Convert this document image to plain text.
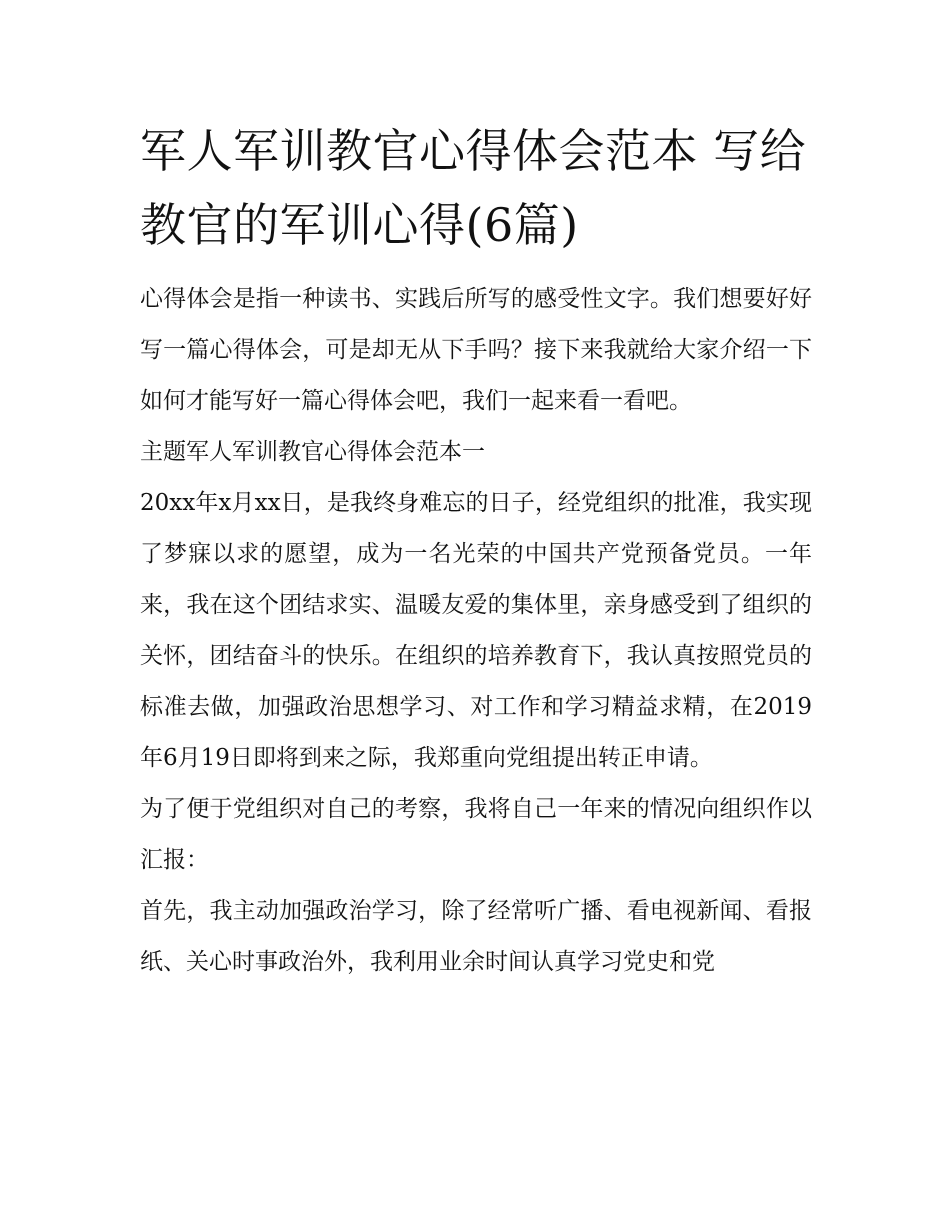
军人军训教官心得体会范本 写给教官的军训心得(6篇)

心得体会是指一种读书、实践后所写的感受性文字。我们想要好好写一篇心得体会，可是却无从下手吗？接下来我就给大家介绍一下如何才能写好一篇心得体会吧，我们一起来看一看吧。

主题军人军训教官心得体会范本一

20xx年x月xx日，是我终身难忘的日子，经党组织的批准，我实现了梦寐以求的愿望，成为一名光荣的中国共产党预备党员。一年来，我在这个团结求实、温暖友爱的集体里，亲身感受到了组织的关怀，团结奋斗的快乐。在组织的培养教育下，我认真按照党员的标准去做，加强政治思想学习、对工作和学习精益求精，在2019年6月19日即将到来之际，我郑重向党组提出转正申请。

为了便于党组织对自己的考察，我将自己一年来的情况向组织作以汇报：

首先，我主动加强政治学习，除了经常听广播、看电视新闻、看报纸、关心时事政治外，我利用业余时间认真学习党史和党
